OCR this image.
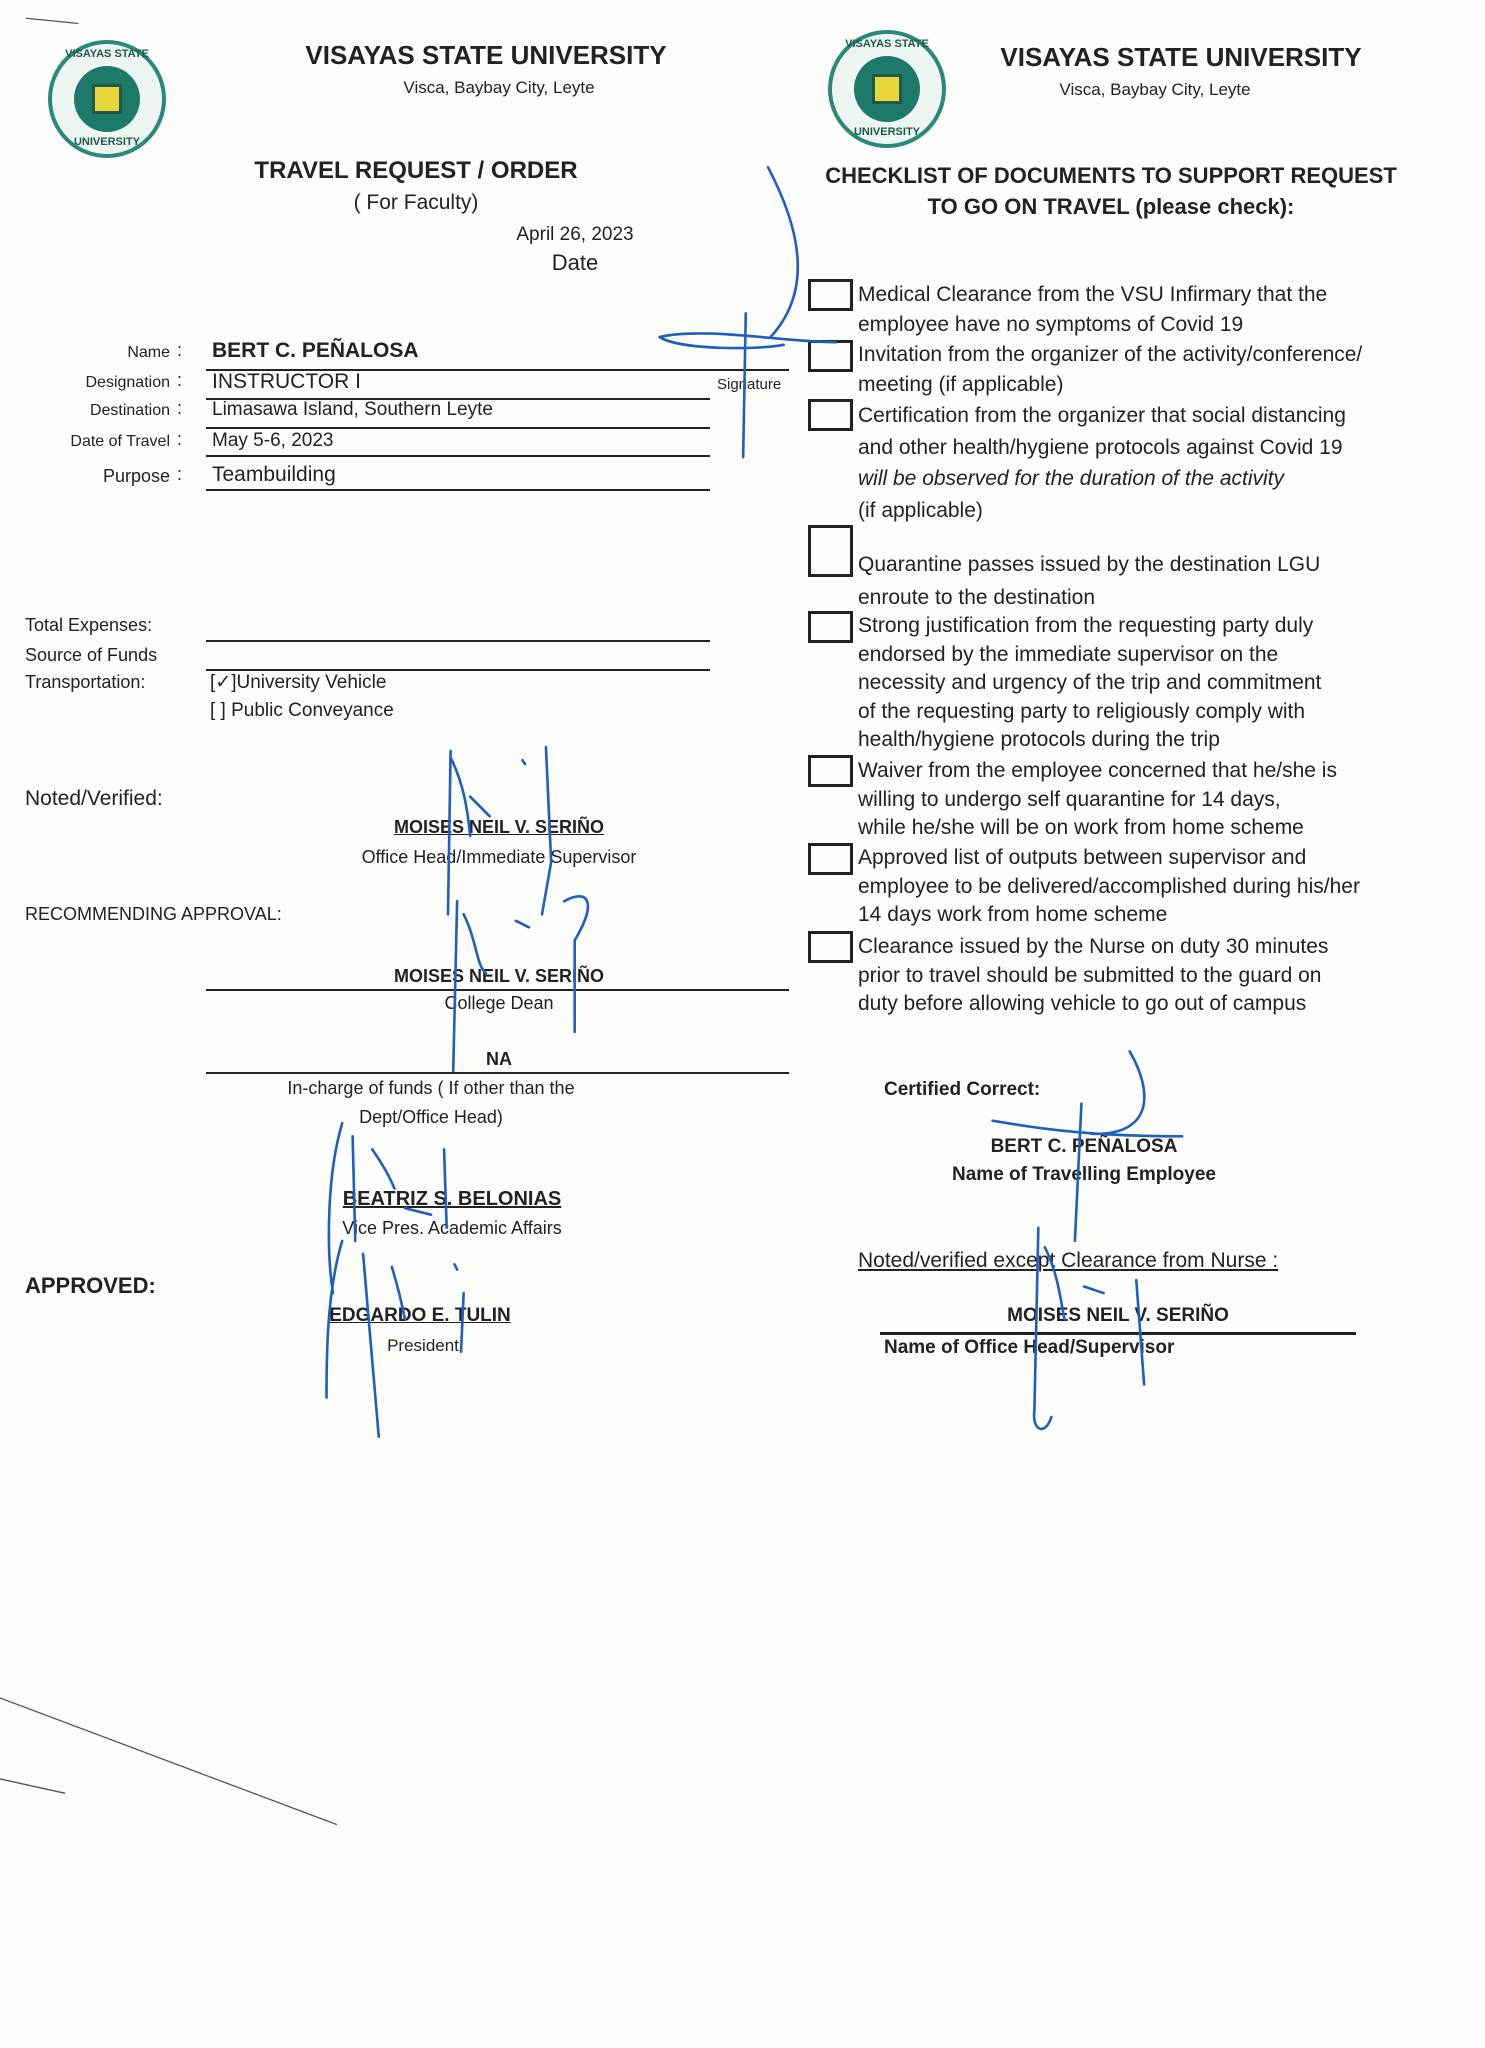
VISAYAS STATE
UNIVERSITY
VISAYAS STATE UNIVERSITY
Visca, Baybay City, Leyte
TRAVEL REQUEST / ORDER
( For Faculty)
April 26, 2023
Date
Name : BERT C. PEÑALOSA
Signature
Designation : INSTRUCTOR I
Destination : Limasawa Island, Southern Leyte
Date of Travel : May 5-6, 2023
Purpose : Teambuilding
Total Expenses:
Source of Funds
Transportation:	[✓]University Vehicle
[ ] Public Conveyance
Noted/Verified:
MOISES NEIL V. SERIÑO
Office Head/Immediate Supervisor
RECOMMENDING APPROVAL:
MOISES NEIL V. SERIÑO
College Dean
NA
In-charge of funds ( If other than the
Dept/Office Head)
BEATRIZ S. BELONIAS
Vice Pres. Academic Affairs
APPROVED:
EDGARDO E. TULIN
President
VISAYAS STATE
UNIVERSITY
VISAYAS STATE UNIVERSITY
Visca, Baybay City, Leyte
CHECKLIST OF DOCUMENTS TO SUPPORT REQUEST
TO GO ON TRAVEL (please check):
Medical Clearance from the VSU Infirmary that the
employee have no symptoms of Covid 19
Invitation from the organizer of the activity/conference/
meeting (if applicable)
Certification from the organizer that social distancing
and other health/hygiene protocols against Covid 19
will be observed for the duration of the activity
(if applicable)
Quarantine passes issued by the destination LGU
enroute to the destination
Strong justification from the requesting party duly
endorsed by the immediate supervisor on the
necessity and urgency of the trip and commitment
of the requesting party to religiously comply with
health/hygiene protocols during the trip
Waiver from the employee concerned that he/she is
willing to undergo self quarantine for 14 days,
while he/she will be on work from home scheme
Approved list of outputs between supervisor and
employee to be delivered/accomplished during his/her
14 days work from home scheme
Clearance issued by the Nurse on duty 30 minutes
prior to travel should be submitted to the guard on
duty before allowing vehicle to go out of campus
Certified Correct:
BERT C. PEÑALOSA
Name of Travelling Employee
Noted/verified except Clearance from Nurse :
MOISES NEIL V. SERIÑO
Name of Office Head/Supervisor
